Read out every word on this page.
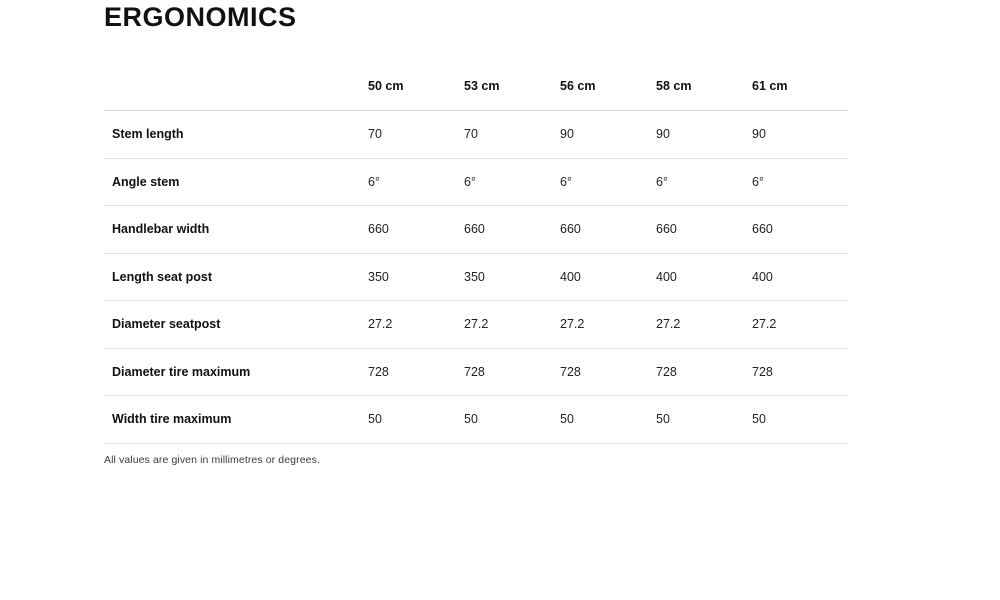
ERGONOMICS
	50 cm	53 cm	56 cm	58 cm	61 cm
Stem length	70	70	90	90	90
Angle stem	6°	6°	6°	6°	6°
Handlebar width	660	660	660	660	660
Length seat post	350	350	400	400	400
Diameter seatpost	27.2	27.2	27.2	27.2	27.2
Diameter tire maximum	728	728	728	728	728
Width tire maximum	50	50	50	50	50
All values are given in millimetres or degrees.
